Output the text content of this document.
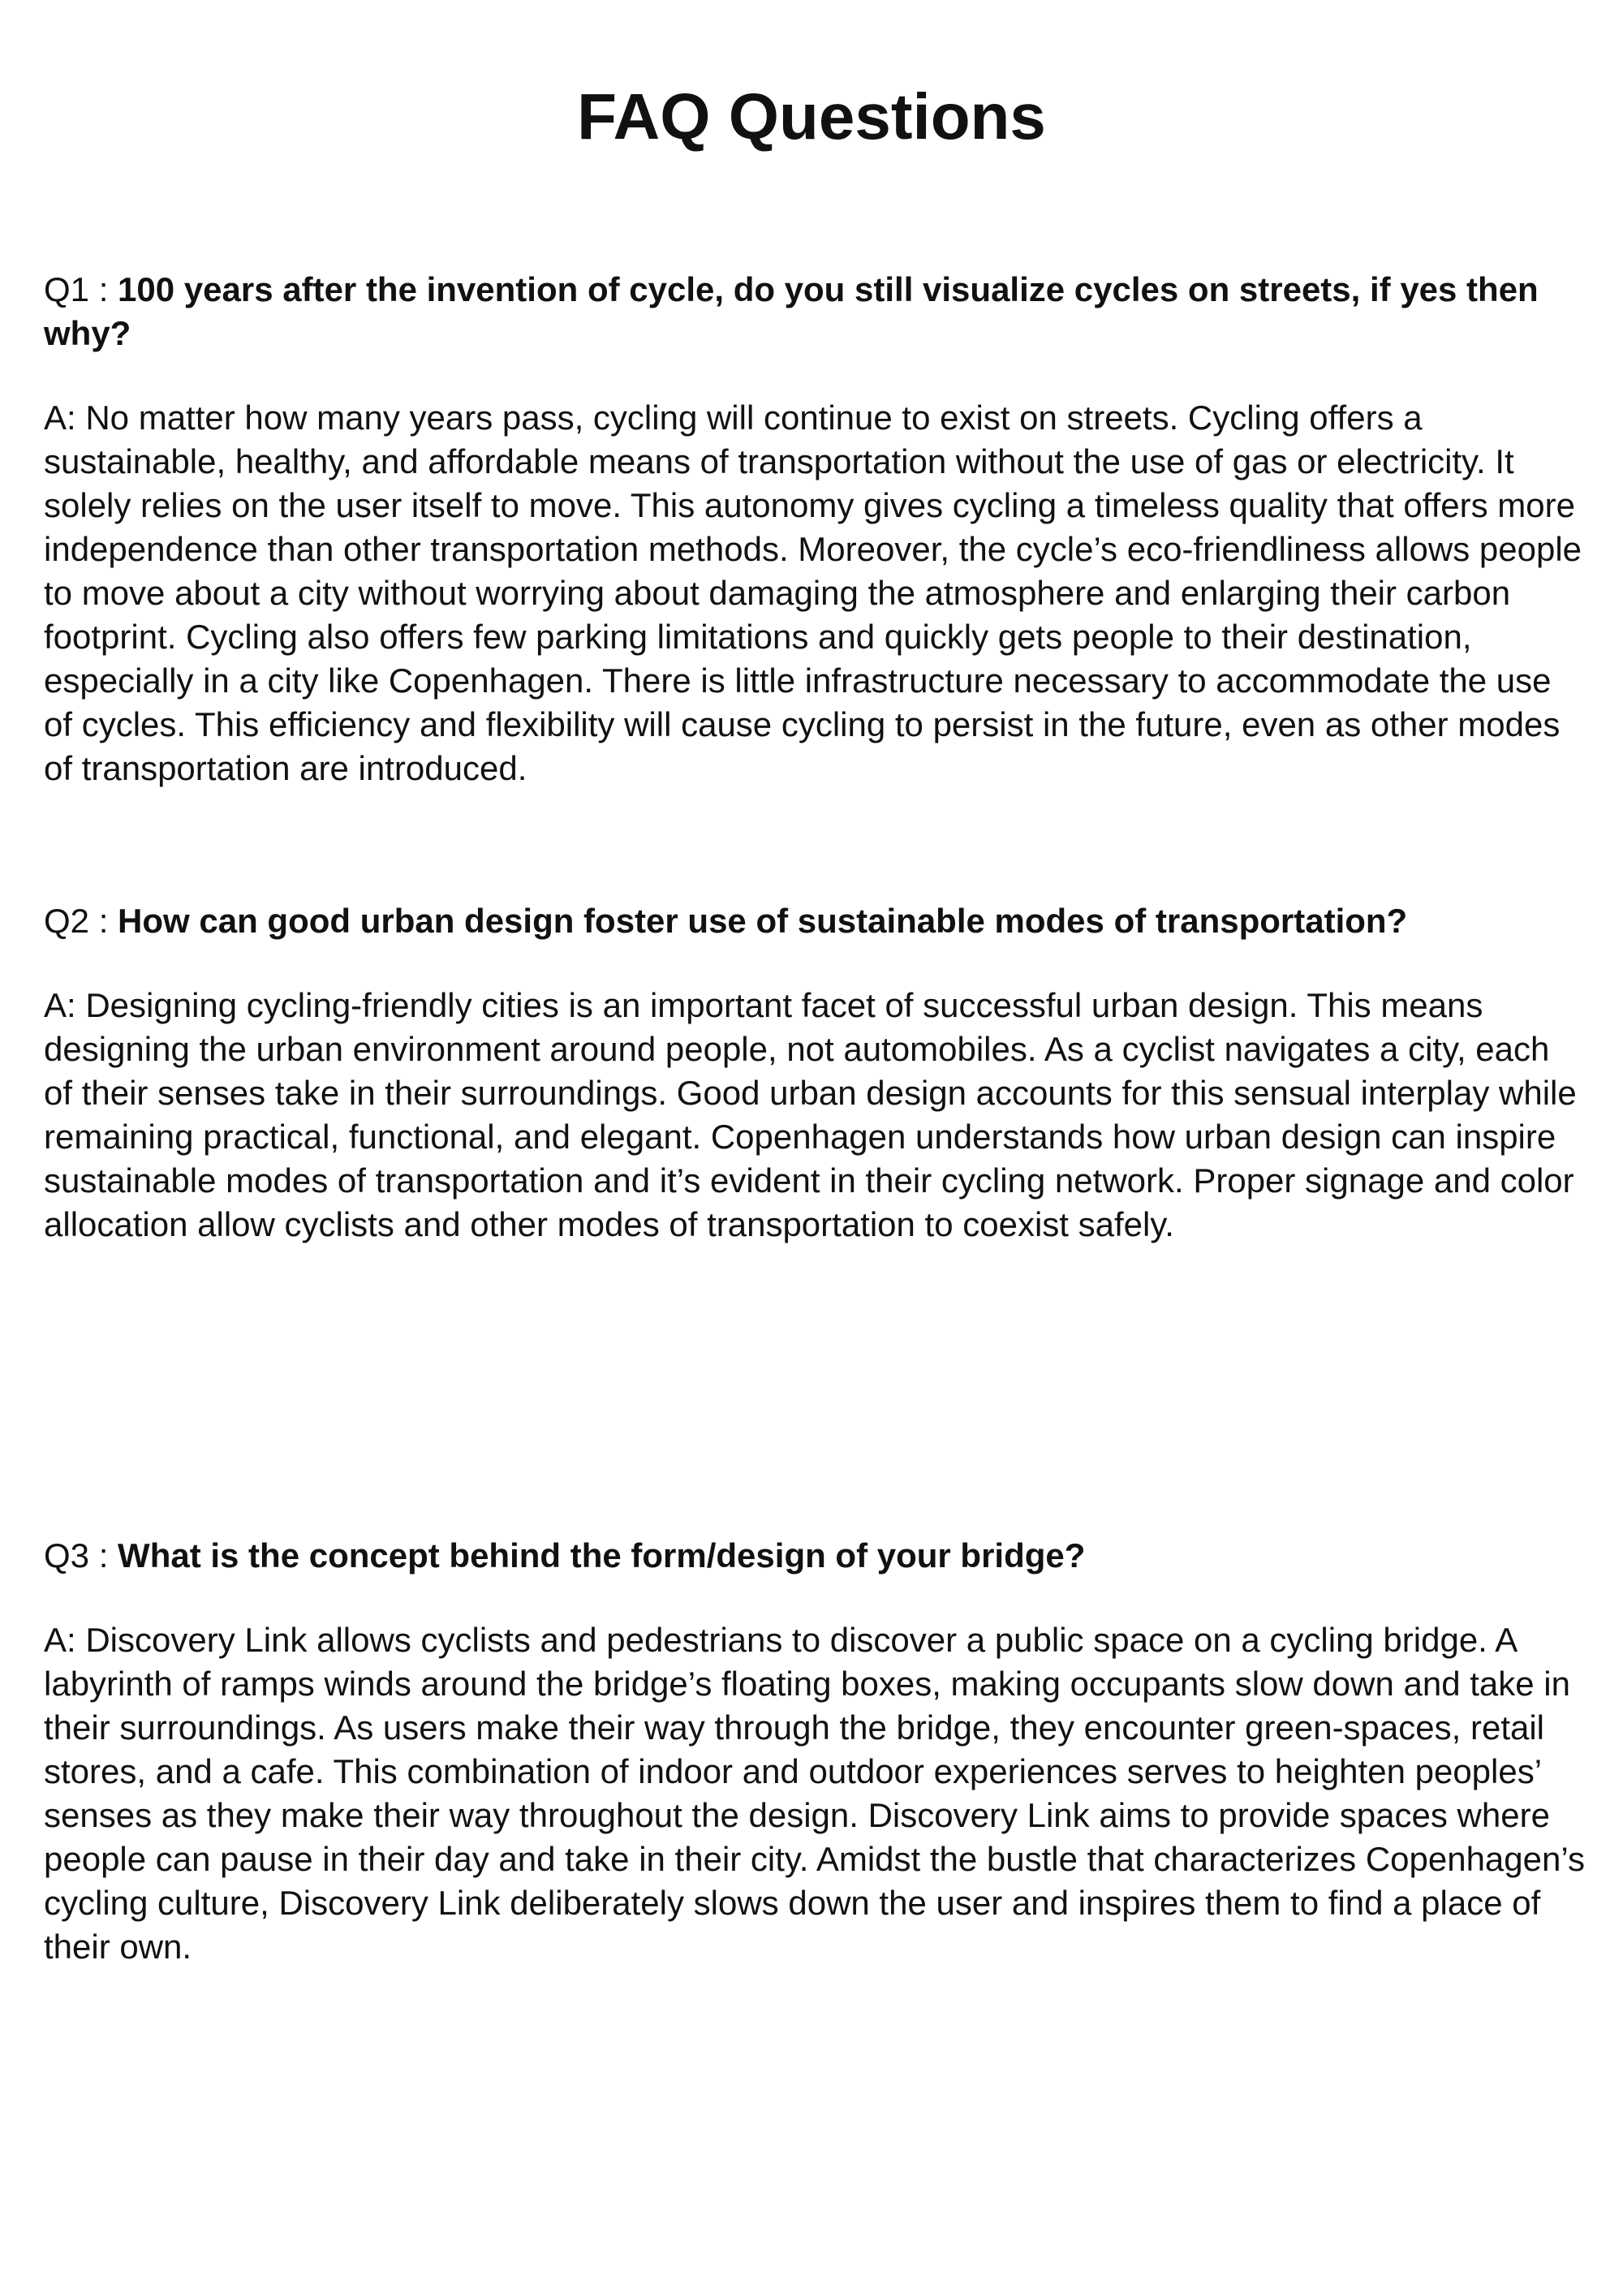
FAQ Questions

Q1 : 100 years after the invention of cycle, do you still visualize cycles on streets, if yes then why?

A: No matter how many years pass, cycling will continue to exist on streets. Cycling offers a sustainable, healthy, and affordable means of transportation without the use of gas or electricity. It solely relies on the user itself to move. This autonomy gives cycling a timeless quality that offers more independence than other transportation methods. Moreover, the cycle’s eco-friendliness allows people to move about a city without worrying about damaging the atmosphere and enlarging their carbon footprint. Cycling also offers few parking limitations and quickly gets people to their destination, especially in a city like Copenhagen. There is little infrastructure necessary to accommodate the use of cycles. This efficiency and flexibility will cause cycling to persist in the future, even as other modes of transportation are introduced.

Q2 : How can good urban design foster use of sustainable modes of transportation?

A: Designing cycling-friendly cities is an important facet of successful urban design. This means designing the urban environment around people, not automobiles. As a cyclist navigates a city, each of their senses take in their surroundings. Good urban design accounts for this sensual interplay while remaining practical, functional, and elegant. Copenhagen understands how urban design can inspire sustainable modes of transportation and it’s evident in their cycling network. Proper signage and color allocation allow cyclists and other modes of transportation to coexist safely.

Q3 : What is the concept behind the form/design of your bridge?

A: Discovery Link allows cyclists and pedestrians to discover a public space on a cycling bridge. A labyrinth of ramps winds around the bridge’s floating boxes, making occupants slow down and take in their surroundings. As users make their way through the bridge, they encounter green-spaces, retail stores, and a cafe. This combination of indoor and outdoor experiences serves to heighten peoples’ senses as they make their way throughout the design. Discovery Link aims to provide spaces where people can pause in their day and take in their city. Amidst the bustle that characterizes Copenhagen’s cycling culture, Discovery Link deliberately slows down the user and inspires them to find a place of their own.
